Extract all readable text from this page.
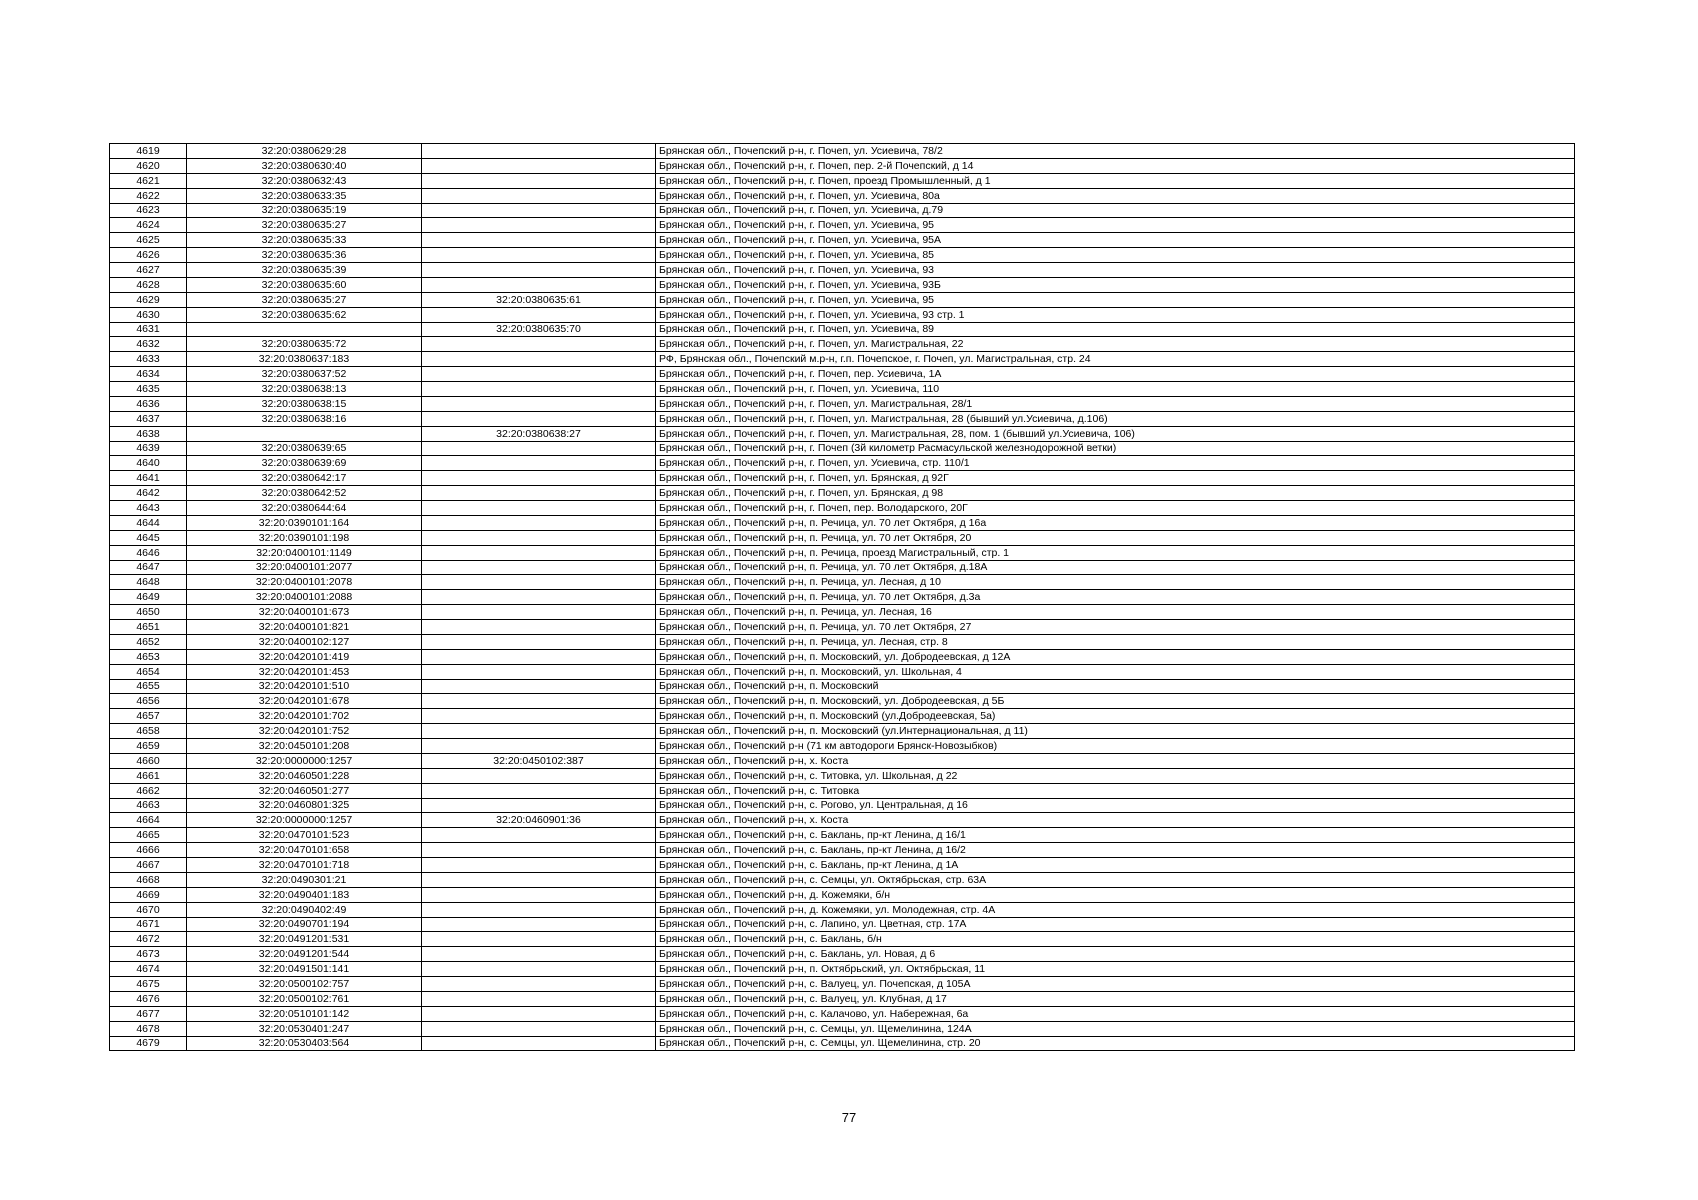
4619	32:20:0380629:28		Брянская обл., Почепский р-н, г. Почеп, ул. Усиевича, 78/2
4620	32:20:0380630:40		Брянская обл., Почепский р-н, г. Почеп, пер. 2-й Почепский, д 14
4621	32:20:0380632:43		Брянская обл., Почепский р-н, г. Почеп, проезд Промышленный, д 1
4622	32:20:0380633:35		Брянская обл., Почепский р-н, г. Почеп, ул. Усиевича, 80а
4623	32:20:0380635:19		Брянская обл., Почепский р-н, г. Почеп, ул. Усиевича, д.79
4624	32:20:0380635:27		Брянская обл., Почепский р-н, г. Почеп, ул. Усиевича, 95
4625	32:20:0380635:33		Брянская обл., Почепский р-н, г. Почеп, ул. Усиевича, 95А
4626	32:20:0380635:36		Брянская обл., Почепский р-н, г. Почеп, ул. Усиевича, 85
4627	32:20:0380635:39		Брянская обл., Почепский р-н, г. Почеп, ул. Усиевича, 93
4628	32:20:0380635:60		Брянская обл., Почепский р-н, г. Почеп, ул. Усиевича, 93Б
4629	32:20:0380635:27	32:20:0380635:61	Брянская обл., Почепский р-н, г. Почеп, ул. Усиевича, 95
4630	32:20:0380635:62		Брянская обл., Почепский р-н, г. Почеп, ул. Усиевича, 93 стр. 1
4631		32:20:0380635:70	Брянская обл., Почепский р-н, г. Почеп, ул. Усиевича, 89
4632	32:20:0380635:72		Брянская обл., Почепский р-н, г. Почеп, ул. Магистральная, 22
4633	32:20:0380637:183		РФ, Брянская обл., Почепский м.р-н, г.п. Почепское, г. Почеп, ул. Магистральная, стр. 24
4634	32:20:0380637:52		Брянская обл., Почепский р-н, г. Почеп, пер. Усиевича, 1А
4635	32:20:0380638:13		Брянская обл., Почепский р-н, г. Почеп, ул. Усиевича, 110
4636	32:20:0380638:15		Брянская обл., Почепский р-н, г. Почеп, ул. Магистральная, 28/1
4637	32:20:0380638:16		Брянская обл., Почепский р-н, г. Почеп, ул. Магистральная, 28 (бывший ул.Усиевича, д.106)
4638		32:20:0380638:27	Брянская обл., Почепский р-н, г. Почеп, ул. Магистральная, 28, пом. 1 (бывший ул.Усиевича, 106)
4639	32:20:0380639:65		Брянская обл., Почепский р-н, г. Почеп (3й километр Расмасульской железнодорожной ветки)
4640	32:20:0380639:69		Брянская обл., Почепский р-н, г. Почеп, ул. Усиевича, стр. 110/1
4641	32:20:0380642:17		Брянская обл., Почепский р-н, г. Почеп, ул. Брянская, д 92Г
4642	32:20:0380642:52		Брянская обл., Почепский р-н, г. Почеп, ул. Брянская, д 98
4643	32:20:0380644:64		Брянская обл., Почепский р-н, г. Почеп, пер. Володарского, 20Г
4644	32:20:0390101:164		Брянская обл., Почепский р-н, п. Речица, ул. 70 лет Октября, д 16а
4645	32:20:0390101:198		Брянская обл., Почепский р-н, п. Речица, ул. 70 лет Октября, 20
4646	32:20:0400101:1149		Брянская обл., Почепский р-н, п. Речица, проезд Магистральный, стр. 1
4647	32:20:0400101:2077		Брянская обл., Почепский р-н, п. Речица, ул. 70 лет Октября, д.18А
4648	32:20:0400101:2078		Брянская обл., Почепский р-н, п. Речица, ул. Лесная, д 10
4649	32:20:0400101:2088		Брянская обл., Почепский р-н, п. Речица, ул. 70 лет Октября, д.3а
4650	32:20:0400101:673		Брянская обл., Почепский р-н, п. Речица, ул. Лесная, 16
4651	32:20:0400101:821		Брянская обл., Почепский р-н, п. Речица, ул. 70 лет Октября, 27
4652	32:20:0400102:127		Брянская обл., Почепский р-н, п. Речица, ул. Лесная, стр. 8
4653	32:20:0420101:419		Брянская обл., Почепский р-н, п. Московский, ул. Добродеевская, д 12А
4654	32:20:0420101:453		Брянская обл., Почепский р-н, п. Московский, ул. Школьная, 4
4655	32:20:0420101:510		Брянская обл., Почепский р-н, п. Московский
4656	32:20:0420101:678		Брянская обл., Почепский р-н, п. Московский, ул. Добродеевская, д 5Б
4657	32:20:0420101:702		Брянская обл., Почепский р-н, п. Московский (ул.Добродеевская, 5а)
4658	32:20:0420101:752		Брянская обл., Почепский р-н, п. Московский (ул.Интернациональная, д 11)
4659	32:20:0450101:208		Брянская обл., Почепский р-н (71 км автодороги Брянск-Новозыбков)
4660	32:20:0000000:1257	32:20:0450102:387	Брянская обл., Почепский р-н, х. Коста
4661	32:20:0460501:228		Брянская обл., Почепский р-н, с. Титовка, ул. Школьная, д 22
4662	32:20:0460501:277		Брянская обл., Почепский р-н, с. Титовка
4663	32:20:0460801:325		Брянская обл., Почепский р-н, с. Рогово, ул. Центральная, д 16
4664	32:20:0000000:1257	32:20:0460901:36	Брянская обл., Почепский р-н, х. Коста
4665	32:20:0470101:523		Брянская обл., Почепский р-н, с. Баклань, пр-кт Ленина, д 16/1
4666	32:20:0470101:658		Брянская обл., Почепский р-н, с. Баклань, пр-кт Ленина, д 16/2
4667	32:20:0470101:718		Брянская обл., Почепский р-н, с. Баклань, пр-кт Ленина, д 1А
4668	32:20:0490301:21		Брянская обл., Почепский р-н, с. Семцы, ул. Октябрьская, стр. 63А
4669	32:20:0490401:183		Брянская обл., Почепский р-н, д. Кожемяки, б/н
4670	32:20:0490402:49		Брянская обл., Почепский р-н, д. Кожемяки, ул. Молодежная, стр. 4А
4671	32:20:0490701:194		Брянская обл., Почепский р-н, с. Лапино, ул. Цветная, стр. 17А
4672	32:20:0491201:531		Брянская обл., Почепский р-н, с. Баклань, б/н
4673	32:20:0491201:544		Брянская обл., Почепский р-н, с. Баклань, ул. Новая, д 6
4674	32:20:0491501:141		Брянская обл., Почепский р-н, п. Октябрьский, ул. Октябрьская, 11
4675	32:20:0500102:757		Брянская обл., Почепский р-н, с. Валуец, ул. Почепская, д 105А
4676	32:20:0500102:761		Брянская обл., Почепский р-н, с. Валуец, ул. Клубная, д 17
4677	32:20:0510101:142		Брянская обл., Почепский р-н, с. Калачово, ул. Набережная, 6а
4678	32:20:0530401:247		Брянская обл., Почепский р-н, с. Семцы, ул. Щемелинина, 124А
4679	32:20:0530403:564		Брянская обл., Почепский р-н, с. Семцы, ул. Щемелинина, стр. 20
77
